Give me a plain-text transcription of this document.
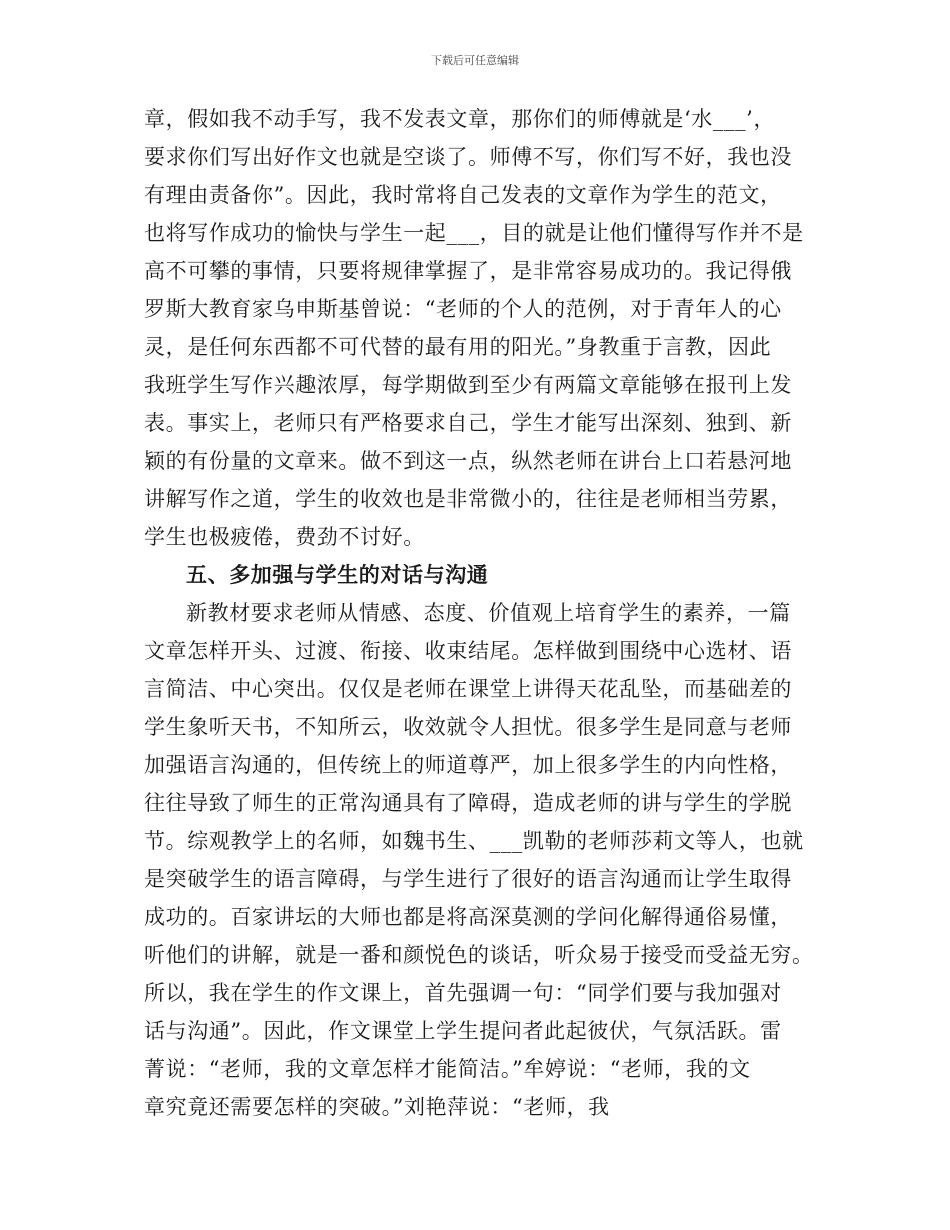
下载后可任意编辑
章，假如我不动手写，我不发表文章，那你们的师傅就是‘水___’，
要求你们写出好作文也就是空谈了。师傅不写，你们写不好，我也没
有理由责备你”。因此，我时常将自己发表的文章作为学生的范文，
也将写作成功的愉快与学生一起___，目的就是让他们懂得写作并不是
高不可攀的事情，只要将规律掌握了，是非常容易成功的。我记得俄
罗斯大教育家乌申斯基曾说：“老师的个人的范例，对于青年人的心
灵，是任何东西都不可代替的最有用的阳光。”身教重于言教，因此
我班学生写作兴趣浓厚，每学期做到至少有两篇文章能够在报刊上发
表。事实上，老师只有严格要求自己，学生才能写出深刻、独到、新
颖的有份量的文章来。做不到这一点，纵然老师在讲台上口若悬河地
讲解写作之道，学生的收效也是非常微小的，往往是老师相当劳累，
学生也极疲倦，费劲不讨好。
五、多加强与学生的对话与沟通
新教材要求老师从情感、态度、价值观上培育学生的素养，一篇
文章怎样开头、过渡、衔接、收束结尾。怎样做到围绕中心选材、语
言简洁、中心突出。仅仅是老师在课堂上讲得天花乱坠，而基础差的
学生象听天书，不知所云，收效就令人担忧。很多学生是同意与老师
加强语言沟通的，但传统上的师道尊严，加上很多学生的内向性格，
往往导致了师生的正常沟通具有了障碍，造成老师的讲与学生的学脱
节。综观教学上的名师，如魏书生、___凯勒的老师莎莉文等人，也就
是突破学生的语言障碍，与学生进行了很好的语言沟通而让学生取得
成功的。百家讲坛的大师也都是将高深莫测的学问化解得通俗易懂，
听他们的讲解，就是一番和颜悦色的谈话，听众易于接受而受益无穷。
所以，我在学生的作文课上，首先强调一句：“同学们要与我加强对
话与沟通”。因此，作文课堂上学生提问者此起彼伏，气氛活跃。雷
菁说：“老师，我的文章怎样才能简洁。”牟婷说：“老师，我的文
章究竟还需要怎样的突破。”刘艳萍说：“老师，我
